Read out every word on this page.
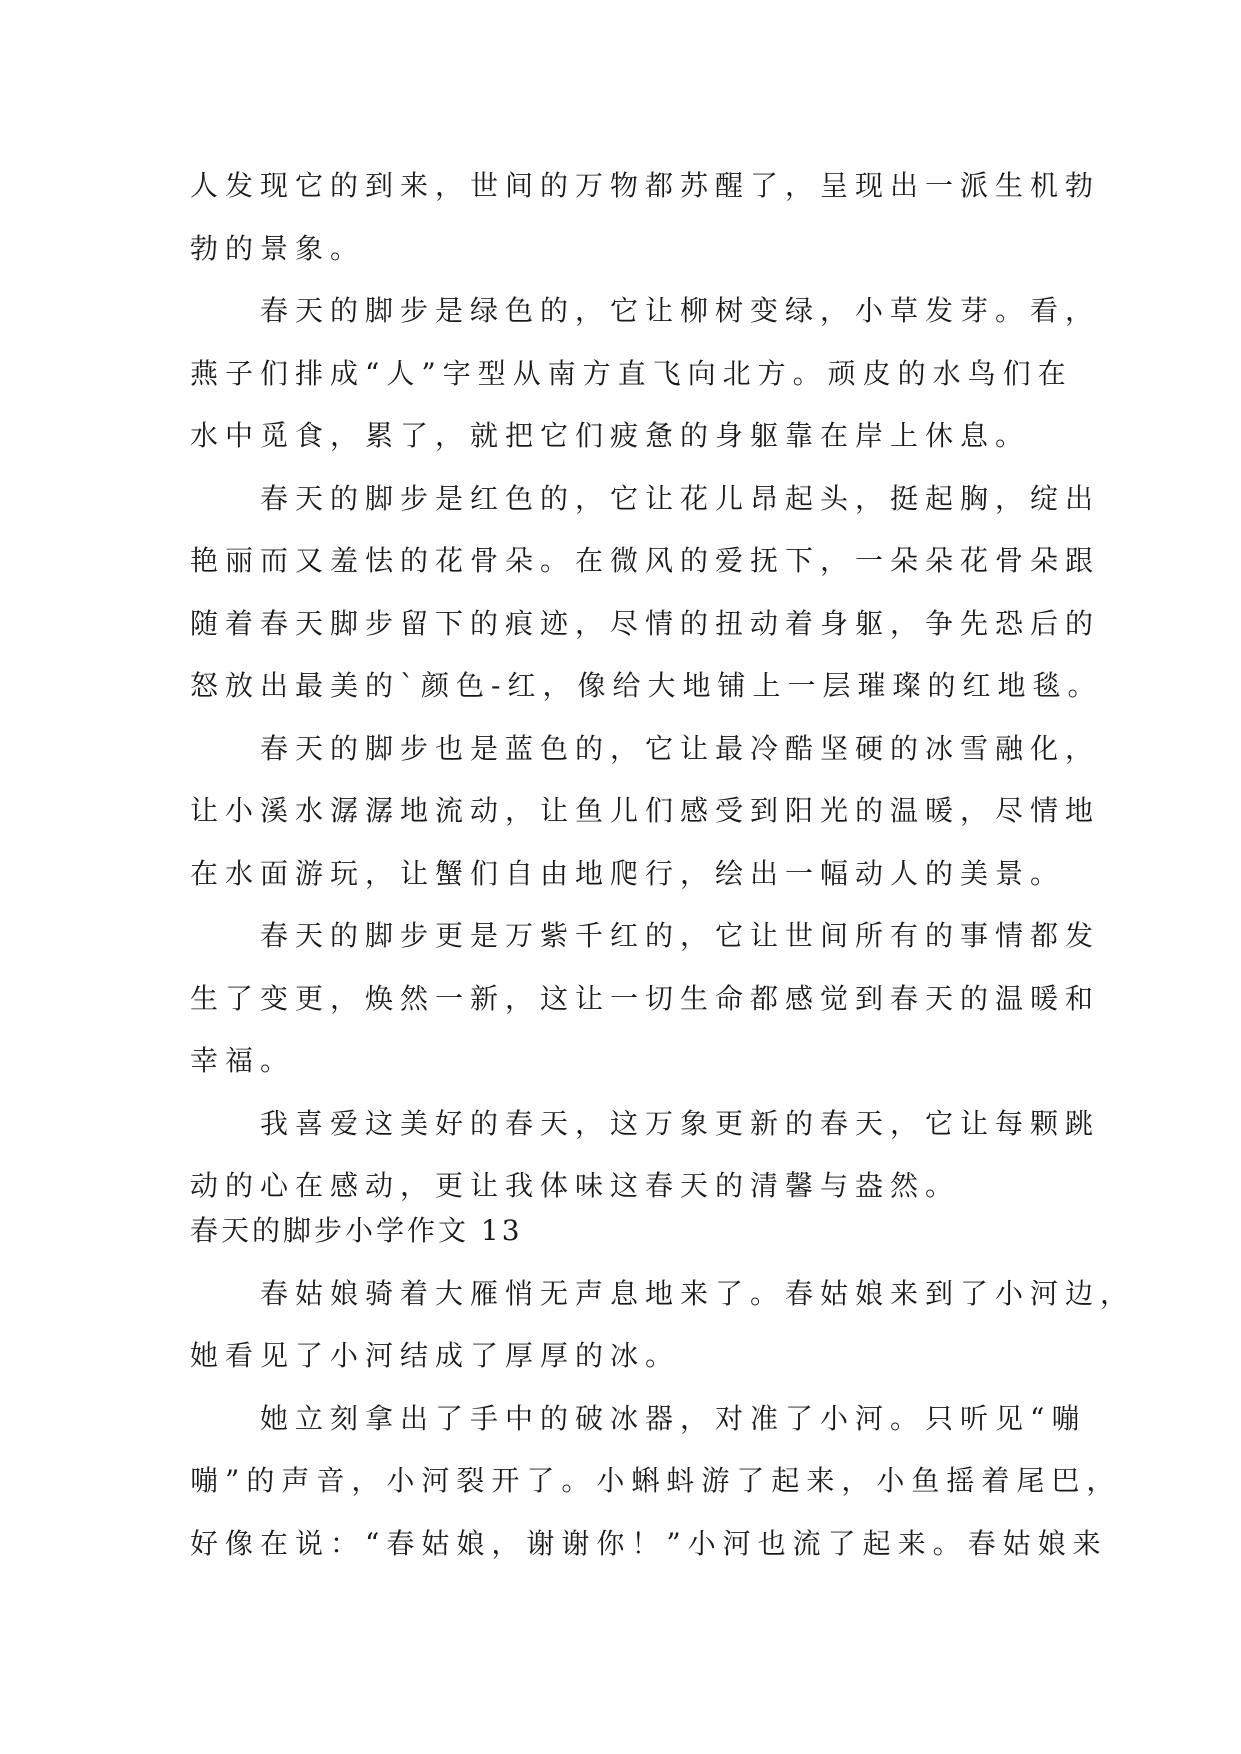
人发现它的到来，世间的万物都苏醒了，呈现出一派生机勃
勃的景象。
春天的脚步是绿色的，它让柳树变绿，小草发芽。看，
燕子们排成“人”字型从南方直飞向北方。顽皮的水鸟们在
水中觅食，累了，就把它们疲惫的身躯靠在岸上休息。
春天的脚步是红色的，它让花儿昂起头，挺起胸，绽出
艳丽而又羞怯的花骨朵。在微风的爱抚下，一朵朵花骨朵跟
随着春天脚步留下的痕迹，尽情的扭动着身躯，争先恐后的
怒放出最美的`颜色-红，像给大地铺上一层璀璨的红地毯。
春天的脚步也是蓝色的，它让最冷酷坚硬的冰雪融化，
让小溪水潺潺地流动，让鱼儿们感受到阳光的温暖，尽情地
在水面游玩，让蟹们自由地爬行，绘出一幅动人的美景。
春天的脚步更是万紫千红的，它让世间所有的事情都发
生了变更，焕然一新，这让一切生命都感觉到春天的温暖和
幸福。
我喜爱这美好的春天，这万象更新的春天，它让每颗跳
动的心在感动，更让我体味这春天的清馨与盎然。
春天的脚步小学作文 13
春姑娘骑着大雁悄无声息地来了。春姑娘来到了小河边，
她看见了小河结成了厚厚的冰。
她立刻拿出了手中的破冰器，对准了小河。只听见“嘣
嘣”的声音，小河裂开了。小蝌蚪游了起来，小鱼摇着尾巴，
好像在说：“春姑娘，谢谢你！”小河也流了起来。春姑娘来
